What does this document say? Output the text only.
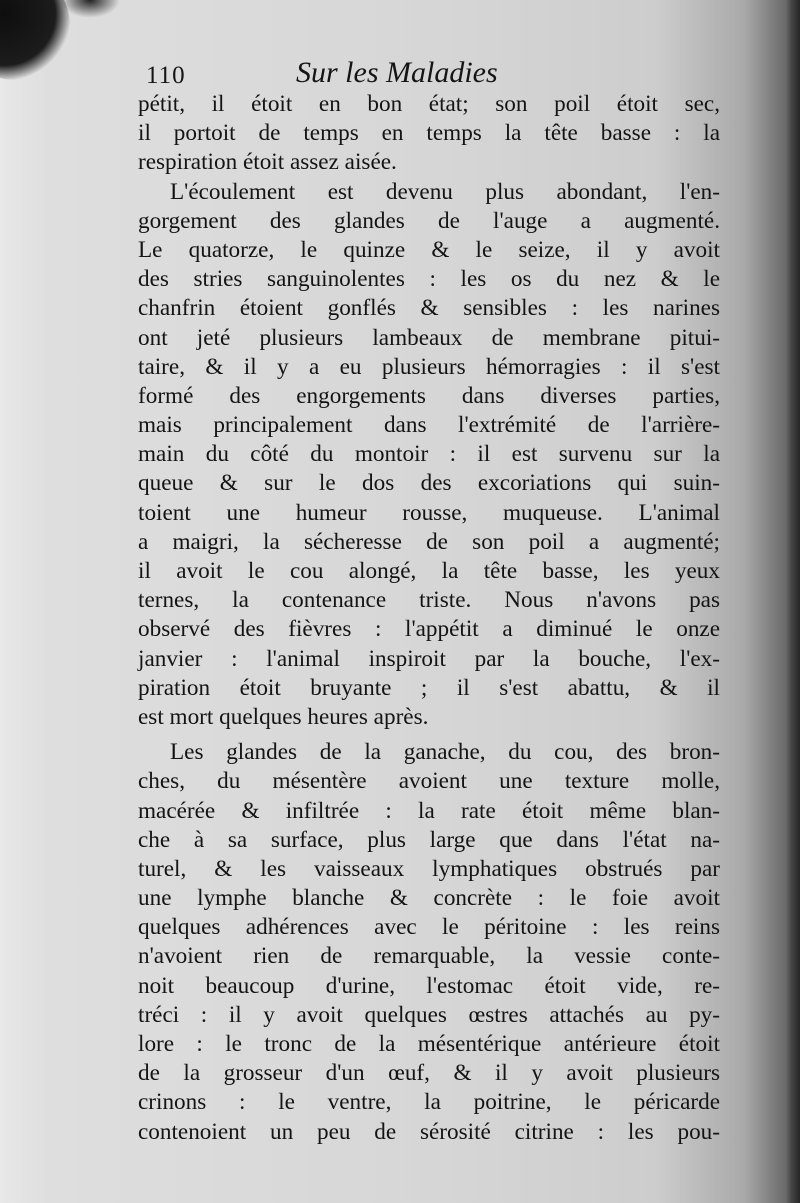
110	Sur les Maladies
pétit, il étoit en bon état; son poil étoit sec,
il portoit de temps en temps la tête basse : la
respiration étoit assez aisée.
L'écoulement est devenu plus abondant, l'en-
gorgement des glandes de l'auge a augmenté.
Le quatorze, le quinze & le seize, il y avoit
des stries sanguinolentes : les os du nez & le
chanfrin étoient gonflés & sensibles : les narines
ont jeté plusieurs lambeaux de membrane pitui-
taire, & il y a eu plusieurs hémorragies : il s'est
formé des engorgements dans diverses parties,
mais principalement dans l'extrémité de l'arrière-
main du côté du montoir : il est survenu sur la
queue & sur le dos des excoriations qui suin-
toient une humeur rousse, muqueuse. L'animal
a maigri, la sécheresse de son poil a augmenté;
il avoit le cou alongé, la tête basse, les yeux
ternes, la contenance triste. Nous n'avons pas
observé des fièvres : l'appétit a diminué le onze
janvier : l'animal inspiroit par la bouche, l'ex-
piration étoit bruyante ; il s'est abattu, & il
est mort quelques heures après.
Les glandes de la ganache, du cou, des bron-
ches, du mésentère avoient une texture molle,
macérée & infiltrée : la rate étoit même blan-
che à sa surface, plus large que dans l'état na-
turel, & les vaisseaux lymphatiques obstrués par
une lymphe blanche & concrète : le foie avoit
quelques adhérences avec le péritoine : les reins
n'avoient rien de remarquable, la vessie conte-
noit beaucoup d'urine, l'estomac étoit vide, re-
tréci : il y avoit quelques œstres attachés au py-
lore : le tronc de la mésentérique antérieure étoit
de la grosseur d'un œuf, & il y avoit plusieurs
crinons : le ventre, la poitrine, le péricarde
contenoient un peu de sérosité citrine : les pou-
